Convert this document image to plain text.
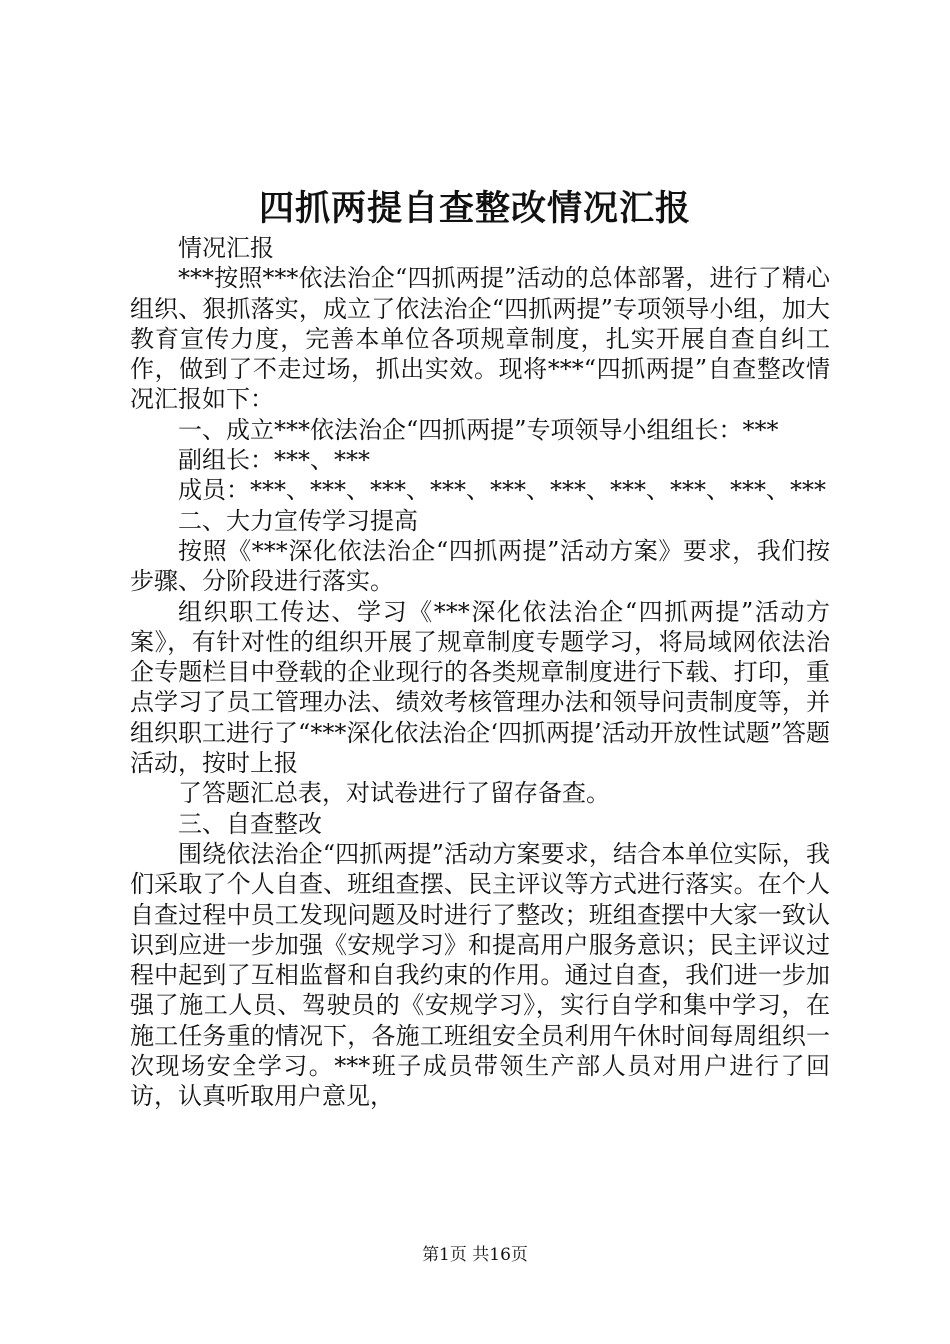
四抓两提自查整改情况汇报

情况汇报

***按照***依法治企“四抓两提”活动的总体部署，进行了精心组织、狠抓落实，成立了依法治企“四抓两提”专项领导小组，加大教育宣传力度，完善本单位各项规章制度，扎实开展自查自纠工作，做到了不走过场，抓出实效。现将***“四抓两提”自查整改情况汇报如下：

一、成立***依法治企“四抓两提”专项领导小组组长：***

副组长：***、***

成员：***、***、***、***、***、***、***、***、***、***

二、大力宣传学习提高

按照《***深化依法治企“四抓两提”活动方案》要求，我们按步骤、分阶段进行落实。

组织职工传达、学习《***深化依法治企“四抓两提”活动方案》，有针对性的组织开展了规章制度专题学习，将局域网依法治企专题栏目中登载的企业现行的各类规章制度进行下载、打印，重点学习了员工管理办法、绩效考核管理办法和领导问责制度等，并组织职工进行了“***深化依法治企‘四抓两提’活动开放性试题”答题活动，按时上报

了答题汇总表，对试卷进行了留存备查。

三、自查整改

围绕依法治企“四抓两提”活动方案要求，结合本单位实际，我们采取了个人自查、班组查摆、民主评议等方式进行落实。在个人自查过程中员工发现问题及时进行了整改；班组查摆中大家一致认识到应进一步加强《安规学习》和提高用户服务意识；民主评议过程中起到了互相监督和自我约束的作用。通过自查，我们进一步加强了施工人员、驾驶员的《安规学习》，实行自学和集中学习，在施工任务重的情况下，各施工班组安全员利用午休时间每周组织一次现场安全学习。***班子成员带领生产部人员对用户进行了回访，认真听取用户意见，

第1页 共16页
